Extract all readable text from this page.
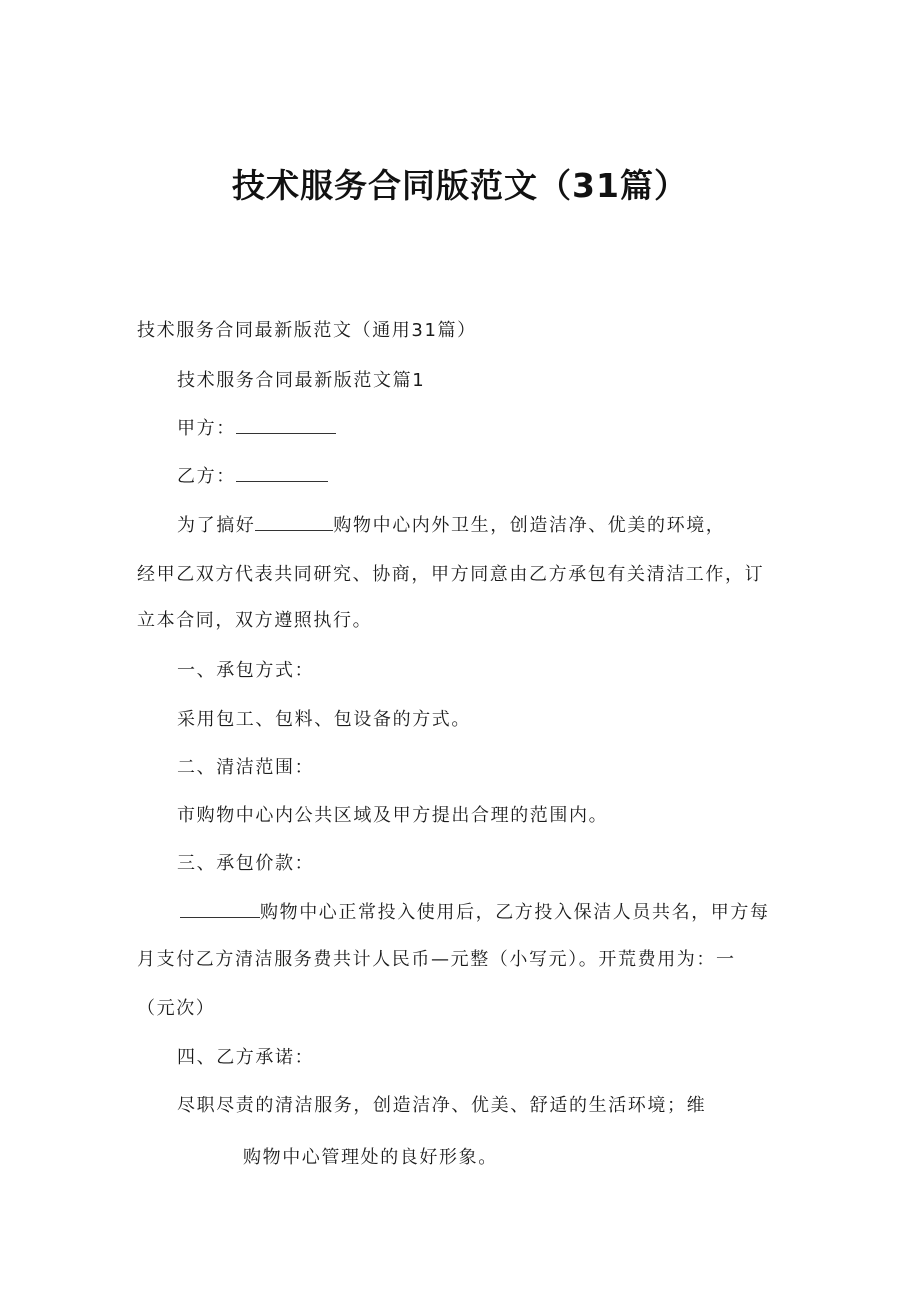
技术服务合同版范文（31篇）
技术服务合同最新版范文（通用31篇）
技术服务合同最新版范文篇1
甲方：
乙方：
为了搞好	购物中心内外卫生，创造洁净、优美的环境，
经甲乙双方代表共同研究、协商，甲方同意由乙方承包有关清洁工作，订
立本合同，双方遵照执行。
一、承包方式：
采用包工、包料、包设备的方式。
二、清洁范围：
市购物中心内公共区域及甲方提出合理的范围内。
三、承包价款：
购物中心正常投入使用后，乙方投入保洁人员共名，甲方每
月支付乙方清洁服务费共计人民币—元整（小写元）。开荒费用为：一
（元次）
四、乙方承诺：
尽职尽责的清洁服务，创造洁净、优美、舒适的生活环境；维
购物中心管理处的良好形象。
